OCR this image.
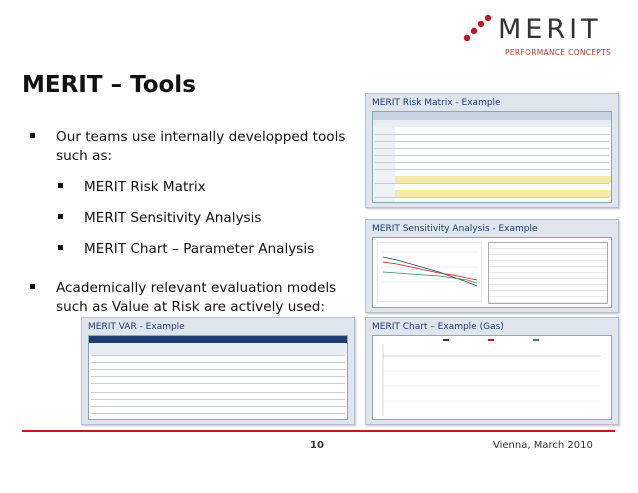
MERIT
PERFORMANCE CONCEPTS
MERIT – Tools
Our teams use internally developped tools such as:
MERIT Risk Matrix
MERIT Sensitivity Analysis
MERIT Chart – Parameter Analysis
Academically relevant evaluation models such as Value at Risk are actively used:
MERIT Risk Matrix - Example
MERIT Sensitivity Analysis - Example
MERIT VAR - Example	MERIT Chart – Example (Gas)
10	Vienna, March 2010
